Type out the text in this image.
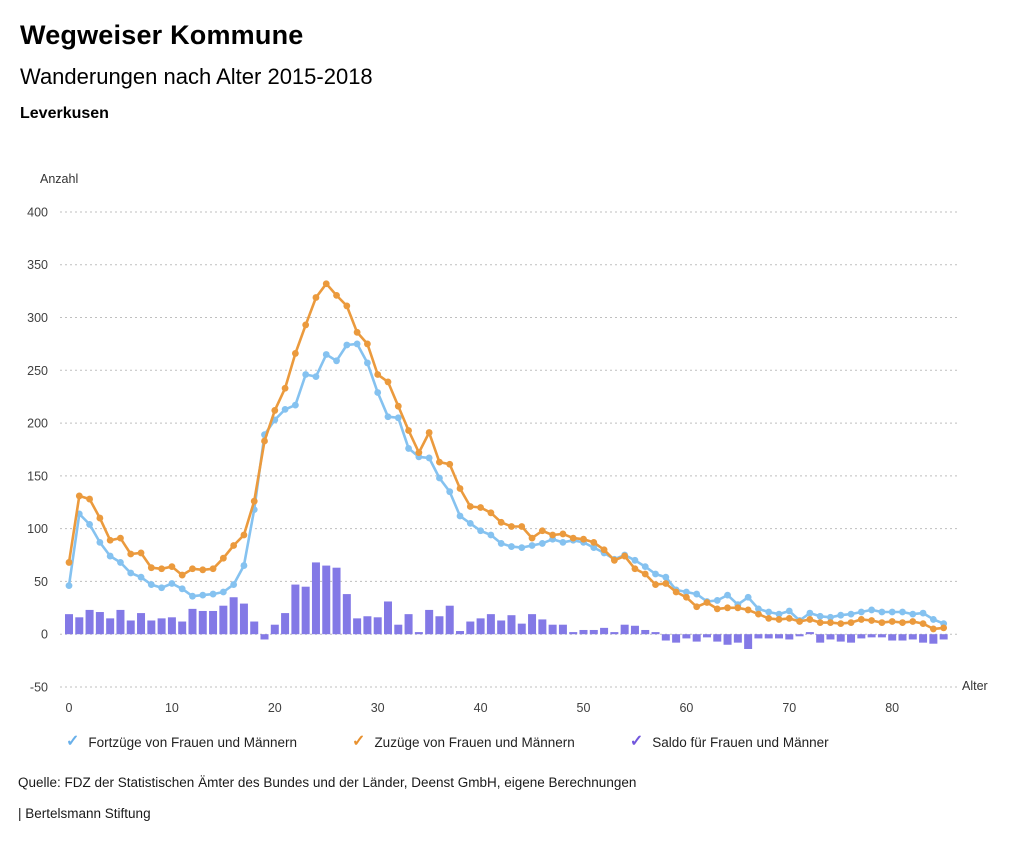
Wegweiser Kommune
Wanderungen nach Alter 2015-2018
Leverkusen
Anzahl
Alter
400
350
300
250
200
150
100
50
0
-50
0	10	20	30	40	50	60	70	80
✓ Fortzüge von Frauen und Männern	✓ Zuzüge von Frauen und Männern	✓ Saldo für Frauen und Männer
Quelle: FDZ der Statistischen Ämter des Bundes und der Länder, Deenst GmbH, eigene Berechnungen
| Bertelsmann Stiftung
